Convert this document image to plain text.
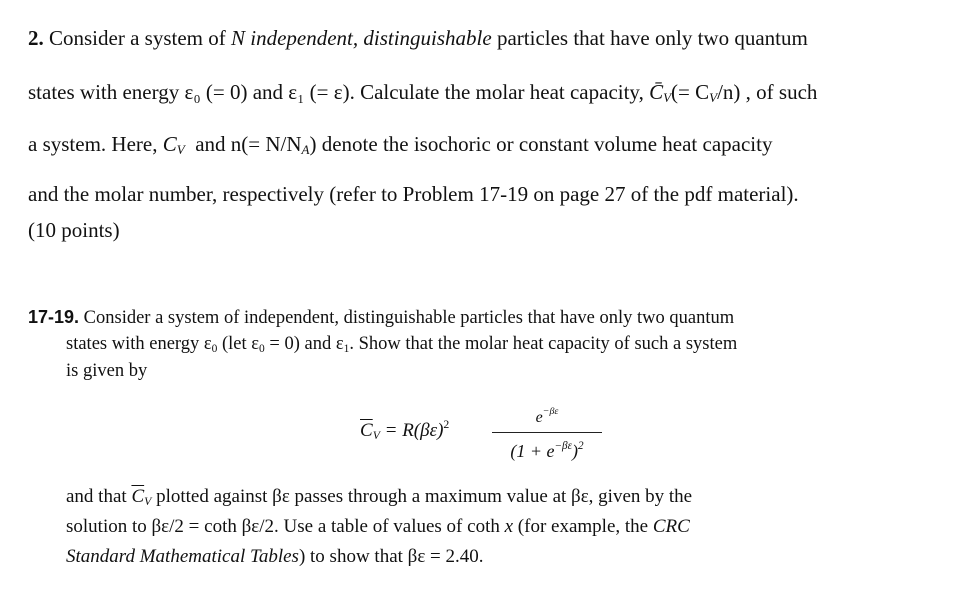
2. Consider a system of N independent, distinguishable particles that have only two quantum
states with energy ε₀ (= 0) and ε₁ (= ε). Calculate the molar heat capacity, $C̄_V(= C_V/n)$ , of such
a system. Here, $C_V$ and $n(= N/N_A)$ denote the isochoric or constant volume heat capacity
and the molar number, respectively (refer to Problem 17-19 on page 27 of the pdf material).
(10 points)
17-19. Consider a system of independent, distinguishable particles that have only two quantum
states with energy $\varepsilon_0$ (let $\varepsilon_0 = 0$) and $\varepsilon_1$. Show that the molar heat capacity of such a system
is given by
$\overline{C}_V = R(\beta\varepsilon)^2$	$e^{-\beta\varepsilon}$
$(1 + e^{-\beta\varepsilon})^2$
and that $\overline{C}_V$ plotted against βε passes through a maximum value at βε, given by the
solution to βε/2 = coth βε/2. Use a table of values of coth x (for example, the CRC
Standard Mathematical Tables) to show that βε = 2.40.
